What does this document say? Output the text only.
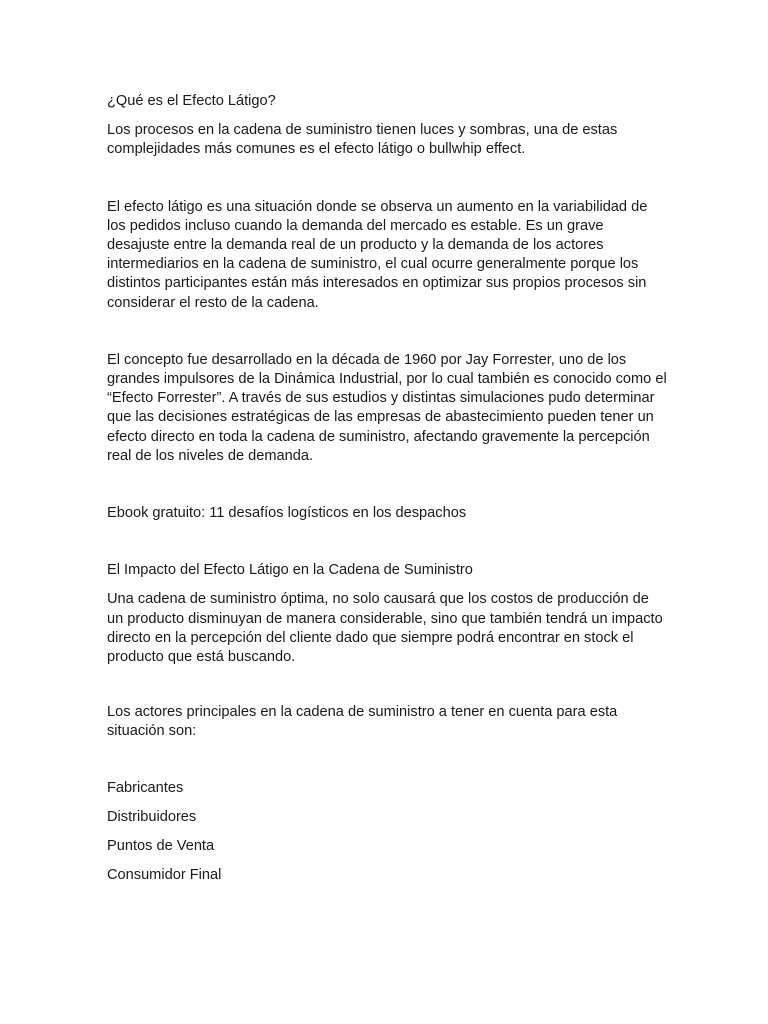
¿Qué es el Efecto Látigo?

Los procesos en la cadena de suministro tienen luces y sombras, una de estas complejidades más comunes es el efecto látigo o bullwhip effect.

El efecto látigo es una situación donde se observa un aumento en la variabilidad de los pedidos incluso cuando la demanda del mercado es estable. Es un grave desajuste entre la demanda real de un producto y la demanda de los actores intermediarios en la cadena de suministro, el cual ocurre generalmente porque los distintos participantes están más interesados en optimizar sus propios procesos sin considerar el resto de la cadena.

El concepto fue desarrollado en la década de 1960 por Jay Forrester, uno de los grandes impulsores de la Dinámica Industrial, por lo cual también es conocido como el “Efecto Forrester”. A través de sus estudios y distintas simulaciones pudo determinar que las decisiones estratégicas de las empresas de abastecimiento pueden tener un efecto directo en toda la cadena de suministro, afectando gravemente la percepción real de los niveles de demanda.

Ebook gratuito: 11 desafíos logísticos en los despachos

El Impacto del Efecto Látigo en la Cadena de Suministro

Una cadena de suministro óptima, no solo causará que los costos de producción de un producto disminuyan de manera considerable, sino que también tendrá un impacto directo en la percepción del cliente dado que siempre podrá encontrar en stock el producto que está buscando.

Los actores principales en la cadena de suministro a tener en cuenta para esta situación son:

Fabricantes

Distribuidores

Puntos de Venta

Consumidor Final
